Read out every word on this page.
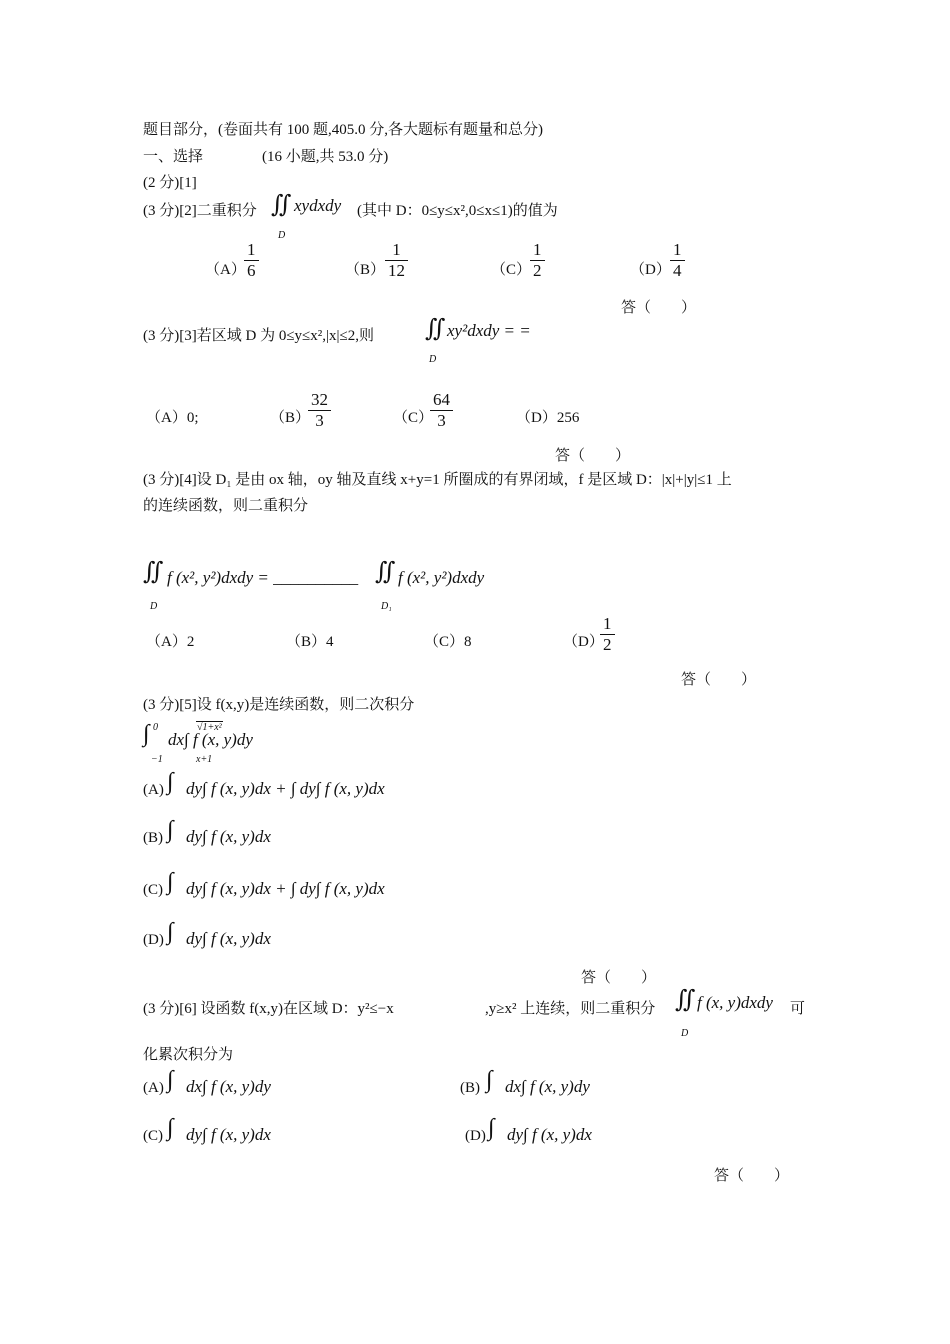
题目部分，(卷面共有 100 题,405.0 分,各大题标有题量和总分)
一、选择	(16 小题,共 53.0 分)
(2 分)[1]
(3 分)[2]二重积分 ∬ xydxdy (其中 D：0≤y≤x²,0≤x≤1)的值为
D
（A）
$\frac{1}{6}$	$(B) \frac{1}{12}$	（C）
$\frac{1}{2}$	$(D) \frac{1}{4}$
答（　　）
(3 分)[3]若区域 D 为 0≤y≤x²,|x|≤2,则 ∬ xy²dxdy = =
D
（A）0;	（B）
$\frac{32}{3}$	（C）
$\frac{64}{3}$	（D）256
答（　　）
(3 分)[4]设 D₁ 是由 ox 轴，oy 轴及直线 x+y=1 所圈成的有界闭域，f 是区域 D：|x|+|y|≤1 上
的连续函数，则二重积分
∬ f (x², y²)dxdy = __________ ∬ f (x², y²)dxdy
D	D₁
（A）2	（B）4	（C）8	（D）
$\frac{1}{2}$
答（　　）
(3 分)[5]设 f(x,y)是连续函数，则二次积分
∫ 0
−1
dx∫ f (x, y)dy
√1+x²
x+1
(A) ∫ dy∫ f (x, y)dx + ∫ dy∫ f (x, y)dx
(B) ∫ dy∫ f (x, y)dx
(C) ∫ dy∫ f (x, y)dx + ∫ dy∫ f (x, y)dx
(D) ∫ dy∫ f (x, y)dx
答（　　）
(3 分)[6] 设函数 f(x,y)在区域 D：y²≤−x	,y≥x² 上连续，则二重积分 ∬ f (x, y)dxdy 可
D
化累次积分为
(A) ∫ dx∫ f (x, y)dy	(B) ∫ dx∫ f (x, y)dy
(C) ∫ dy∫ f (x, y)dx	(D) ∫ dy∫ f (x, y)dx
答（　　）
